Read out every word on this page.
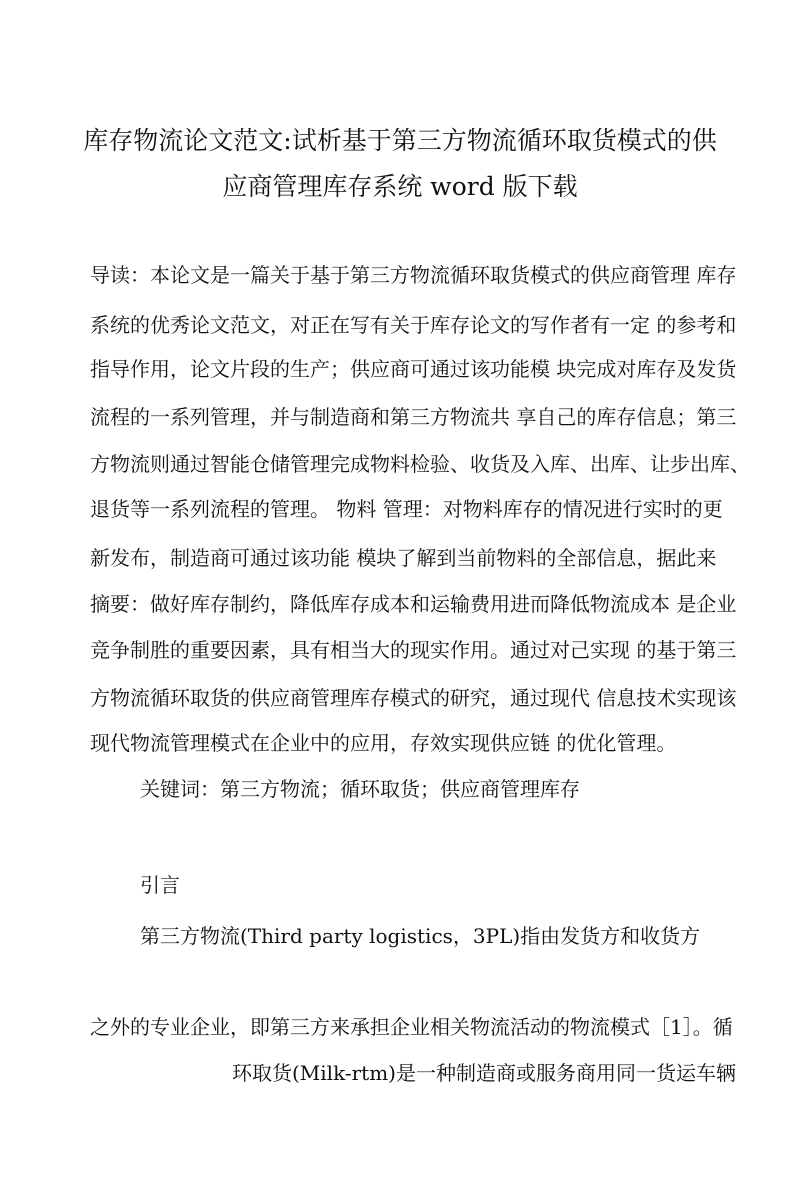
库存物流论文范文:试析基于第三方物流循环取货模式的供
应商管理库存系统 word 版下载
导读：本论文是一篇关于基于第三方物流循环取货模式的供应商管理 库存
系统的优秀论文范文，对正在写有关于库存论文的写作者有一定 的参考和
指导作用，论文片段的生产；供应商可通过该功能模 块完成对库存及发货
流程的一系列管理，并与制造商和第三方物流共 享自己的库存信息；第三
方物流则通过智能仓储管理完成物料检验、收货及入库、出库、让步出库、
退货等一系列流程的管理。 物料 管理：对物料库存的情况进行实时的更
新发布，制造商可通过该功能 模块了解到当前物料的全部信息，据此来
摘要：做好库存制约，降低库存成本和运输费用进而降低物流成本 是企业
竞争制胜的重要因素，具有相当大的现实作用。通过对己实现 的基于第三
方物流循环取货的供应商管理库存模式的研究，通过现代 信息技术实现该
现代物流管理模式在企业中的应用，存效实现供应链 的优化管理。
关键词：第三方物流；循环取货；供应商管理库存
引言
第三方物流(Third party logistics，3PL)指由发货方和收货方
之外的专业企业，即第三方来承担企业相关物流活动的物流模式［1］。循
环取货(Milk-rtm)是一种制造商或服务商用同一货运车辆
